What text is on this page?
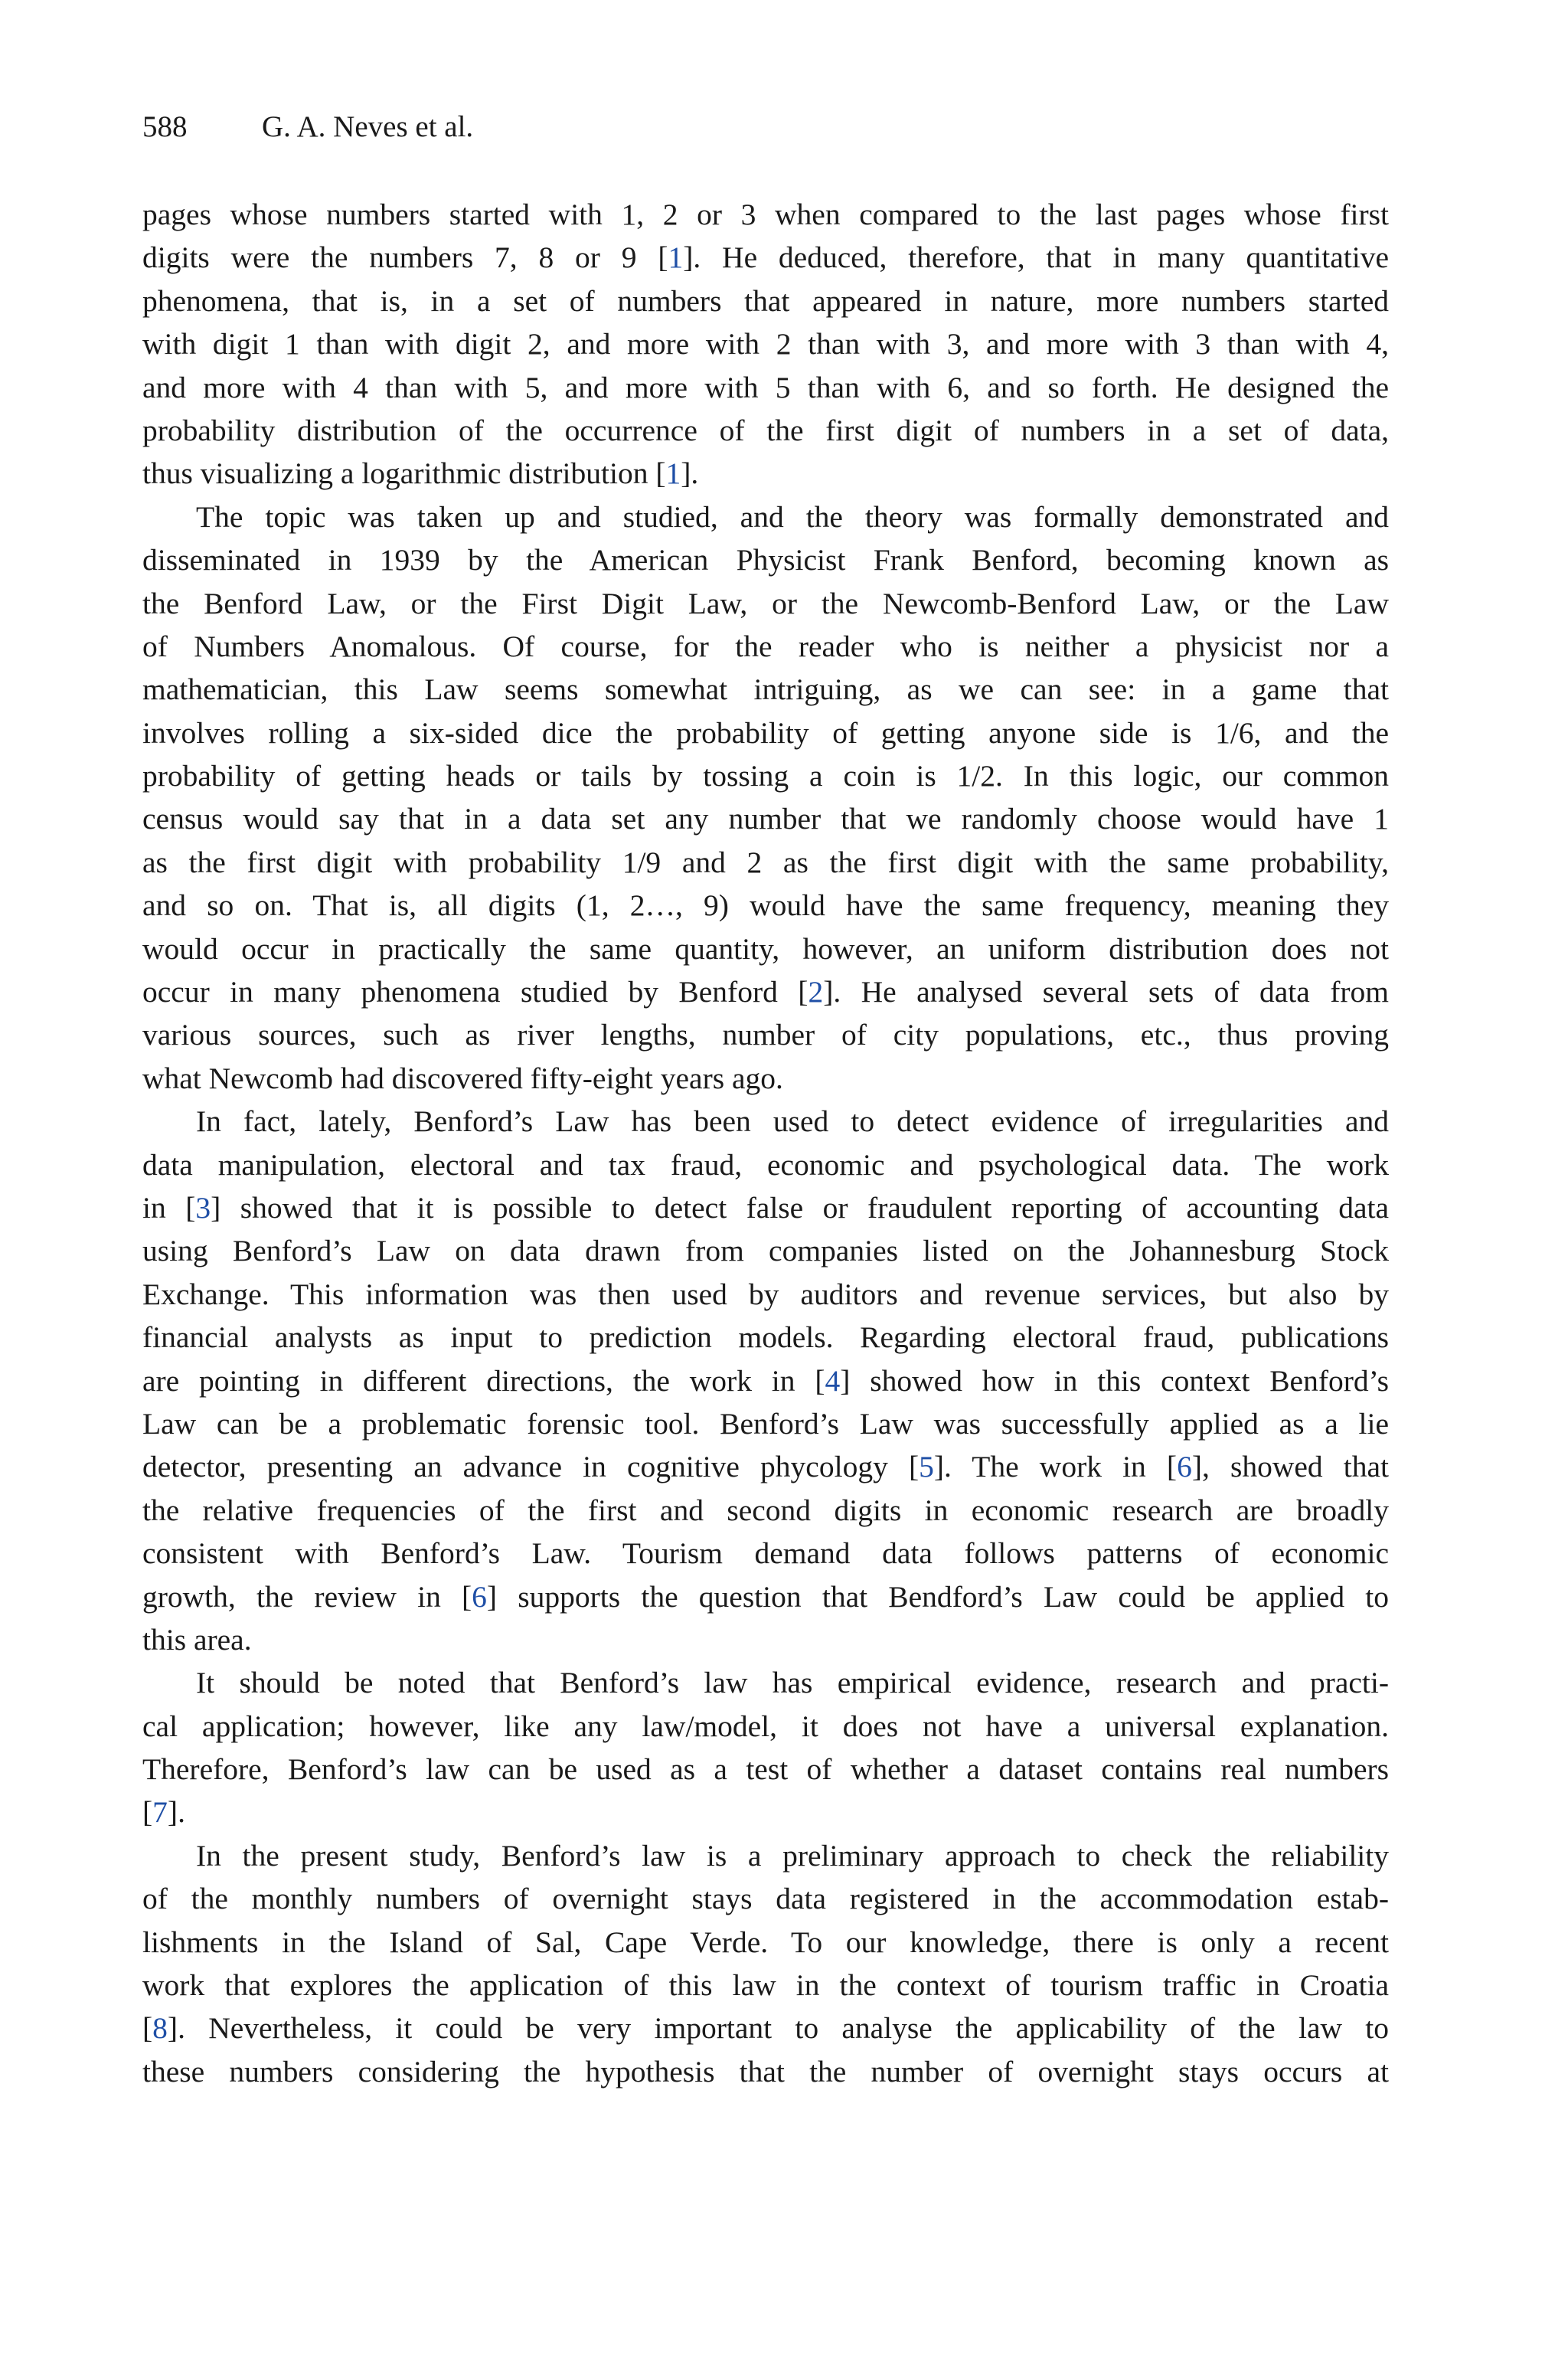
588	G. A. Neves et al.
pages whose numbers started with 1, 2 or 3 when compared to the last pages whose first
digits were the numbers 7, 8 or 9 [1]. He deduced, therefore, that in many quantitative
phenomena, that is, in a set of numbers that appeared in nature, more numbers started
with digit 1 than with digit 2, and more with 2 than with 3, and more with 3 than with 4,
and more with 4 than with 5, and more with 5 than with 6, and so forth. He designed the
probability distribution of the occurrence of the first digit of numbers in a set of data,
thus visualizing a logarithmic distribution [1].
The topic was taken up and studied, and the theory was formally demonstrated and
disseminated in 1939 by the American Physicist Frank Benford, becoming known as
the Benford Law, or the First Digit Law, or the Newcomb-Benford Law, or the Law
of Numbers Anomalous. Of course, for the reader who is neither a physicist nor a
mathematician, this Law seems somewhat intriguing, as we can see: in a game that
involves rolling a six-sided dice the probability of getting anyone side is 1/6, and the
probability of getting heads or tails by tossing a coin is 1/2. In this logic, our common
census would say that in a data set any number that we randomly choose would have 1
as the first digit with probability 1/9 and 2 as the first digit with the same probability,
and so on. That is, all digits (1, 2…, 9) would have the same frequency, meaning they
would occur in practically the same quantity, however, an uniform distribution does not
occur in many phenomena studied by Benford [2]. He analysed several sets of data from
various sources, such as river lengths, number of city populations, etc., thus proving
what Newcomb had discovered fifty-eight years ago.
In fact, lately, Benford’s Law has been used to detect evidence of irregularities and
data manipulation, electoral and tax fraud, economic and psychological data. The work
in [3] showed that it is possible to detect false or fraudulent reporting of accounting data
using Benford’s Law on data drawn from companies listed on the Johannesburg Stock
Exchange. This information was then used by auditors and revenue services, but also by
financial analysts as input to prediction models. Regarding electoral fraud, publications
are pointing in different directions, the work in [4] showed how in this context Benford’s
Law can be a problematic forensic tool. Benford’s Law was successfully applied as a lie
detector, presenting an advance in cognitive phycology [5]. The work in [6], showed that
the relative frequencies of the first and second digits in economic research are broadly
consistent with Benford’s Law. Tourism demand data follows patterns of economic
growth, the review in [6] supports the question that Bendford’s Law could be applied to
this area.
It should be noted that Benford’s law has empirical evidence, research and practi-
cal application; however, like any law/model, it does not have a universal explanation.
Therefore, Benford’s law can be used as a test of whether a dataset contains real numbers
[7].
In the present study, Benford’s law is a preliminary approach to check the reliability
of the monthly numbers of overnight stays data registered in the accommodation estab-
lishments in the Island of Sal, Cape Verde. To our knowledge, there is only a recent
work that explores the application of this law in the context of tourism traffic in Croatia
[8]. Nevertheless, it could be very important to analyse the applicability of the law to
these numbers considering the hypothesis that the number of overnight stays occurs at
